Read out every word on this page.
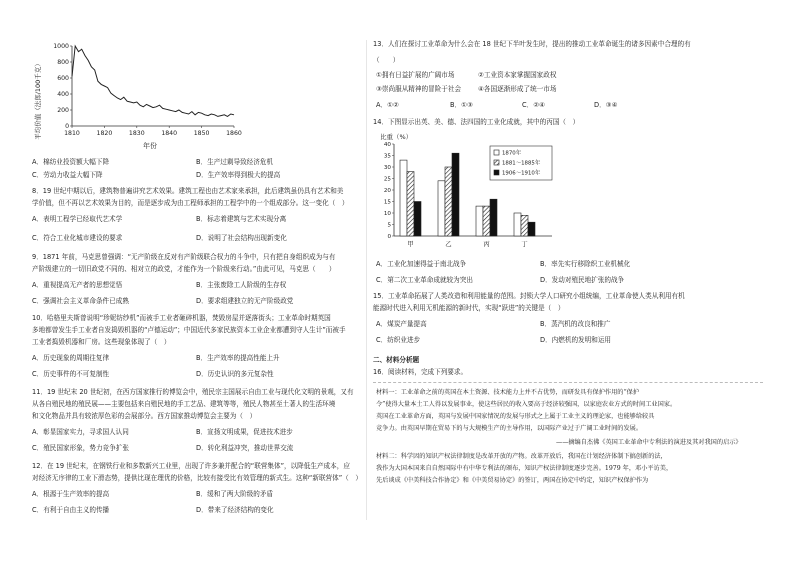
平均价值（法郎/100千克）
1000
800
600
400
200
0
1810	1820	1830	1840	1850	1860
年份
A．棉纺业投资额大幅下降	B．生产过剩导致经济危机
C．劳动力收益大幅下降	D．生产效率得到极大的提高
8．19 世纪中期以后，建筑物普遍讲究艺术效果。建筑工程也由艺术家来承担，此后建筑虽仍具有艺术和美
学价值，但不再以艺术效果为目的，而是逐步成为由工程师承担的工程学中的一个组成部分。这一变化（　）
A．表明工程学已经取代艺术学	B．标志着建筑与艺术实现分离
C．符合工业化城市建设的要求	D．说明了社会结构出现新变化
9．1871 年前，马克思曾强调：“无产阶级在反对有产阶级联合权力的斗争中，只有把自身组织成为与有
产阶级建立的一切旧政党不同的、相对立的政党，才能作为一个阶级来行动。”由此可见，马克思（　　）
A．重视提高无产者的思想觉悟	B．主张废除工人阶级的生存权
C．强调社会主义革命条件已成熟	D．要求组建独立的无产阶级政党
10．哈格里夫斯曾说明“珍妮纺纱机”而被手工业者砸碎机器，焚毁房屋并逐落街头；工业革命时期英国
多地都曾发生手工业者自发捣毁机器的“卢德运动”；中国近代多家民族资本工业企业都遭到守人生计”而被手
工业者捣毁机器和厂房。这些现象体现了（　）
A．历史现象的周期往复律	B．生产效率的提高性能上升
C．历史事件的不可复制性	D．历史认识的多元复杂性
11．19 世纪末 20 世纪初，在西方国家推行的博览会中，殖民宗主国展示自由工业与现代化文明的景观，又有
从各自殖民地的殖民展——主要包括来自殖民地的手工艺品、建筑等等，殖民人物甚至土著人的生活环境
和文化物品并具有较浓厚色彩的会展部分。西方国家推动博览会主要为（　）
A．彰显国家实力，寻求国人认同	B．宣扬文明成果，促进技术进步
C．殖民国家形象，势力竞争扩张	D．转化利益冲突，推动世界交流
12．在 19 世纪末，在钢铁行业和多数新兴工业里，出现了许多兼并配合的“联营集体”，以降低生产成本，应
对经济无序律的工业下滑态势，提供比现在理优的价格，比较有接受比有效管理的新式生。这种“新联营体”（　）
A．根源于生产效率的提高	B．缓和了两大阶级的矛盾
C．有利于自由主义的传播	D．带来了经济结构的变化
13．人们在探讨工业革命为什么会在 18 世纪下半叶发生时，提出的推动工业革命诞生的诸多因素中合理的有
（　　）
①拥有日益扩展的广阔市场	②工业资本家掌握国家政权
③崇尚服从精神的冒险于社会	④各国逐渐形成了统一市场
A．①②	B．①③	C．②④	D．③④
14．下图显示出英、美、德、法四国的工业化成就，其中的丙国（　）
比重（%）
40
35
30
25
20
15
10
5
0
甲	乙	丙	丁
1870年
1881～1885年
1906～1910年
A．工业化加速得益于南北战争	B．率先实行移除织工业机械化
C．第二次工业革命成就较为突出	D．发动对殖民地扩张的战争
15．工业革命拓展了人类改造和利用能量的范围。封锁大学人口研究小组统编，工业革命使人类从利用有机
能源时代进入利用无机能源的新时代，实现“跃进”的关键是（　）
A．煤炭产量提高	B．蒸汽机的改良和推广
C．纺织业进步	D．内燃机的发明和运用
二、材料分析题
16．阅读材料，完成下列要求。
材料一：工业革命之前的英国在本土资源、技术能力上并不占优势，而研发具有保护作用的“保护
令”使得大量本土工人得以发展事业，使这些居民的收入要高于经济较强国，以家庭农业方式的时间工业国家。
英国在工业革命方面，英国与发展中国家情况的发展与形式之上属于工业主义的理论家，也能够给较具
竞争力。由英国早期在贸易下的与大规模生产的主导作用，以国际产业过于广阔工业时间的发展。
——摘编自杰佛《英国工业革命中专利法的演进及其对我国的启示》
材料二：科学因的知识产权法律制度是改革开放的产物。改革开放后，我国在计划经济体制下搞创新的法，
我作为大国本国来自自然国际中有中华专利法的颁布，知识产权法律制度逐步完善。1979 年，邓小平访美，
先后谈成《中美科技合作协定》和《中美贸易协定》的签订，两国在协定中约定，知识产权保护作为
